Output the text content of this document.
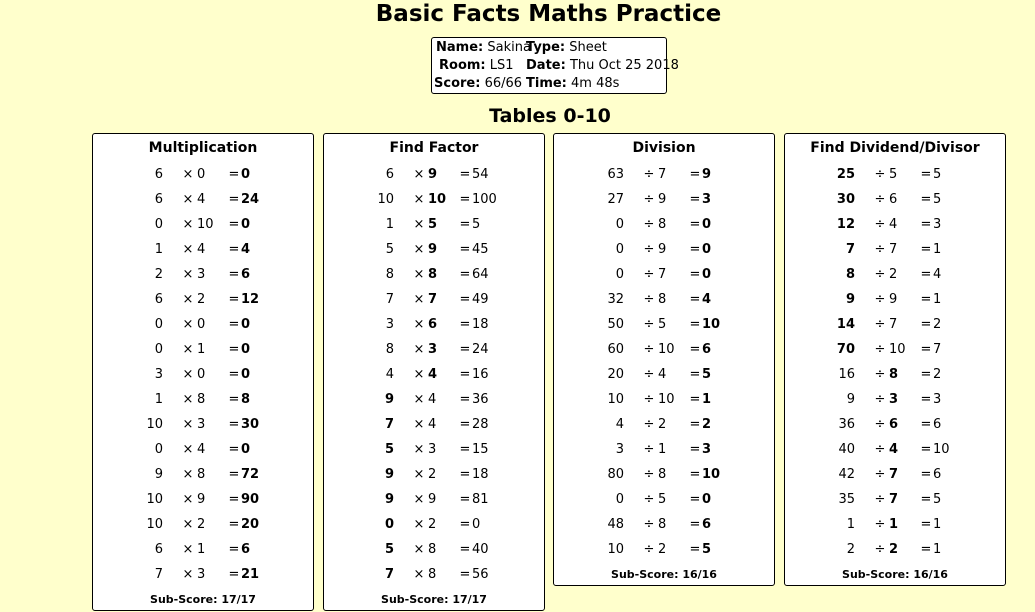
Basic Facts Maths Practice
Name: Sakina
Type: Sheet
Room: LS1 Date: Thu Oct 25 2018
Score: 66/66 Time: 4m 48s
Tables 0-10
Multiplication
6 × 0	= 0
6 × 4	= 24
0 × 10	= 0
1 × 4	= 4
2 × 3	= 6
6 × 2	= 12
0 × 0	= 0
0 × 1	= 0
3 × 0	= 0
1 × 8	= 8
10 × 3	= 30
0 × 4	= 0
9 × 8	= 72
10 × 9	= 90
10 × 2	= 20
6 × 1	= 6
7 × 3	= 21
Sub-Score: 17/17
Find Factor
6 × 9	= 54
10 × 10	= 100
1 × 5	= 5
5 × 9	= 45
8 × 8	= 64
7 × 7	= 49
3 × 6	= 18
8 × 3	= 24
4 × 4	= 16
9 × 4	= 36
7 × 4	= 28
5 × 3	= 15
9 × 2	= 18
9 × 9	= 81
0 × 2	= 0
5 × 8	= 40
7 × 8	= 56
Sub-Score: 17/17
Division
63 ÷ 7	= 9
27 ÷ 9	= 3
0 ÷ 8	= 0
0 ÷ 9	= 0
0 ÷ 7	= 0
32 ÷ 8	= 4
50 ÷ 5	= 10
60 ÷ 10	= 6
20 ÷ 4	= 5
10 ÷ 10	= 1
4 ÷ 2	= 2
3 ÷ 1	= 3
80 ÷ 8	= 10
0 ÷ 5	= 0
48 ÷ 8	= 6
10 ÷ 2	= 5
Sub-Score: 16/16
Find Dividend/Divisor
25 ÷ 5	= 5
30 ÷ 6	= 5
12 ÷ 4	= 3
7 ÷ 7	= 1
8 ÷ 2	= 4
9 ÷ 9	= 1
14 ÷ 7	= 2
70 ÷ 10	= 7
16 ÷ 8	= 2
9 ÷ 3	= 3
36 ÷ 6	= 6
40 ÷ 4	= 10
42 ÷ 7	= 6
35 ÷ 7	= 5
1 ÷ 1	= 1
2 ÷ 2	= 1
Sub-Score: 16/16
